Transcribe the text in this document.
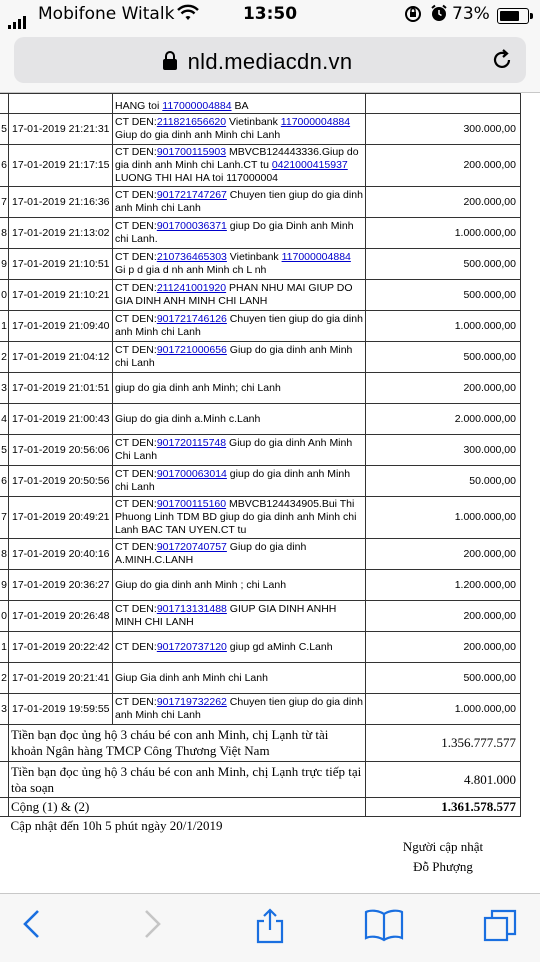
Mobifone Witalk	13:50	73%
nld.mediacdn.vn
		HANG toi 117000004884 BA	
5	17-01-2019 21:21:31	CT DEN:211821656620 Vietinbank 117000004884 Giup do gia dinh anh Minh chi Lanh	300.000,00
6	17-01-2019 21:17:15	CT DEN:901700115903 MBVCB124443336.Giup do gia dinh anh Minh chi Lanh.CT tu 0421000415937 LUONG THI HAI HA toi 117000004	200.000,00
7	17-01-2019 21:16:36	CT DEN:901721747267 Chuyen tien giup do gia dinh anh Minh chi Lanh	200.000,00
8	17-01-2019 21:13:02	CT DEN:901700036371 giup Do gia Dinh anh Minh chi Lanh.	1.000.000,00
9	17-01-2019 21:10:51	CT DEN:210736465303 Vietinbank 117000004884 Gi p d gia d nh anh Minh ch L nh	500.000,00
0	17-01-2019 21:10:21	CT DEN:211241001920 PHAN NHU MAI GIUP DO GIA DINH ANH MINH CHI LANH	500.000,00
1	17-01-2019 21:09:40	CT DEN:901721746126 Chuyen tien giup do gia dinh anh Minh chi Lanh	1.000.000,00
2	17-01-2019 21:04:12	CT DEN:901721000656 Giup do gia dinh anh Minh chi Lanh	500.000,00
3	17-01-2019 21:01:51	giup do gia dinh anh Minh; chi Lanh	200.000,00
4	17-01-2019 21:00:43	Giup do gia dinh a.Minh c.Lanh	2.000.000,00
5	17-01-2019 20:56:06	CT DEN:901720115748 Giup do gia dinh Anh Minh Chi Lanh	300.000,00
6	17-01-2019 20:50:56	CT DEN:901700063014 giup do gia dinh anh Minh chi Lanh	50.000,00
7	17-01-2019 20:49:21	CT DEN:901700115160 MBVCB124434905.Bui Thi Phuong Linh TDM BD giup do gia dinh anh Minh chi Lanh BAC TAN UYEN.CT tu	1.000.000,00
8	17-01-2019 20:40:16	CT DEN:901720740757 Giup do gia dinh A.MINH.C.LANH	200.000,00
9	17-01-2019 20:36:27	Giup do gia dinh anh Minh ; chi Lanh	1.200.000,00
0	17-01-2019 20:26:48	CT DEN:901713131488 GIUP GIA DINH ANHH MINH CHI LANH	200.000,00
1	17-01-2019 20:22:42	CT DEN:901720737120 giup gd aMinh C.Lanh	200.000,00
2	17-01-2019 20:21:41	Giup Gia dinh anh Minh chi Lanh	500.000,00
3	17-01-2019 19:59:55	CT DEN:901719732262 Chuyen tien giup do gia dinh anh Minh chi Lanh	1.000.000,00
	Tiền bạn đọc ủng hộ 3 cháu bé con anh Minh, chị Lạnh từ tài khoản Ngân hàng TMCP Công Thương Việt Nam		1.356.777.577
	Tiền bạn đọc ủng hộ 3 cháu bé con anh Minh, chị Lạnh trực tiếp tại tòa soạn		4.801.000
	Cộng (1) & (2)		1.361.578.577
	Cập nhật đến 10h 5 phút ngày 20/1/2019		

			Người cập nhật
Đỗ Phượng
